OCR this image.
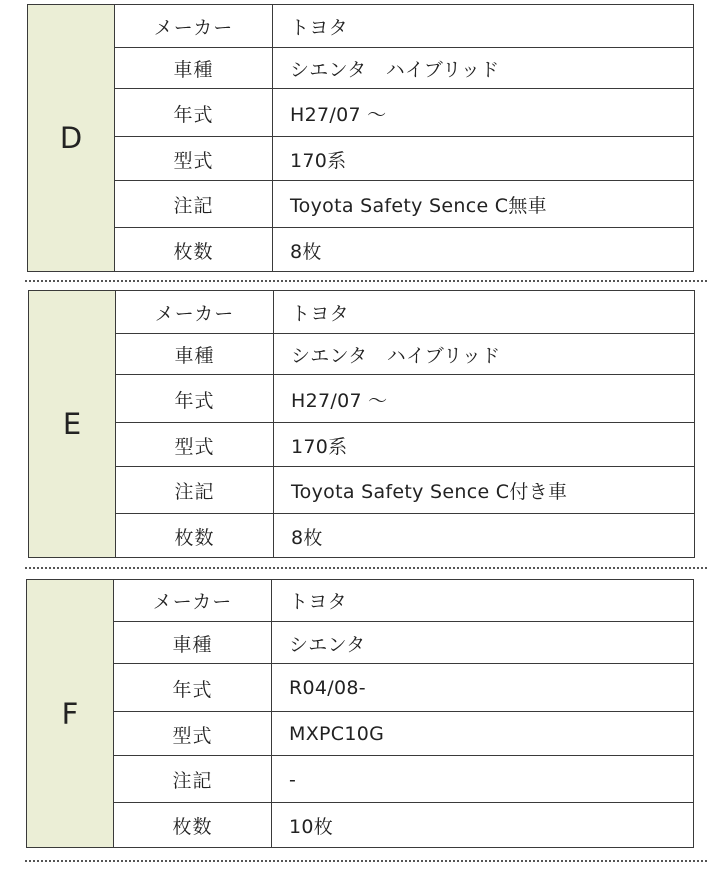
D
メーカー	トヨタ
車種	シエンタ　ハイブリッド
年式	H27/07 ～
型式	170系
注記	Toyota Safety Sence C無車
枚数	8枚
E
メーカー	トヨタ
車種	シエンタ　ハイブリッド
年式	H27/07 ～
型式	170系
注記	Toyota Safety Sence C付き車
枚数	8枚
F
メーカー	トヨタ
車種	シエンタ
年式	R04/08-
型式	MXPC10G
注記	-
枚数	10枚
